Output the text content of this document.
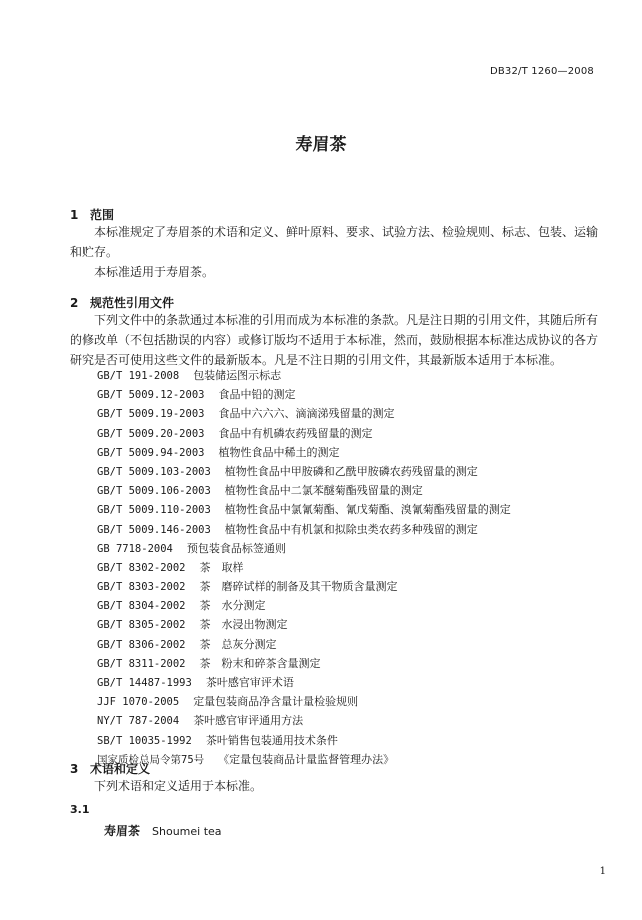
DB32/T 1260—2008
寿眉茶
1 范围

本标准规定了寿眉茶的术语和定义、鲜叶原料、要求、试验方法、检验规则、标志、包装、运输和贮存。

本标准适用于寿眉茶。

2 规范性引用文件

下列文件中的条款通过本标准的引用而成为本标准的条款。凡是注日期的引用文件，其随后所有的修改单（不包括勘误的内容）或修订版均不适用于本标准，然而，鼓励根据本标准达成协议的各方研究是否可使用这些文件的最新版本。凡是不注日期的引用文件，其最新版本适用于本标准。

GB/T 191-2008 包装储运图示标志
GB/T 5009.12-2003 食品中铅的测定
GB/T 5009.19-2003 食品中六六六、滴滴涕残留量的测定
GB/T 5009.20-2003 食品中有机磷农药残留量的测定
GB/T 5009.94-2003 植物性食品中稀土的测定
GB/T 5009.103-2003 植物性食品中甲胺磷和乙酰甲胺磷农药残留量的测定
GB/T 5009.106-2003 植物性食品中二氯苯醚菊酯残留量的测定
GB/T 5009.110-2003 植物性食品中氯氰菊酯、氰戊菊酯、溴氰菊酯残留量的测定
GB/T 5009.146-2003 植物性食品中有机氯和拟除虫类农药多种残留的测定
GB 7718-2004 预包装食品标签通则
GB/T 8302-2002 茶　取样
GB/T 8303-2002 茶　磨碎试样的制备及其干物质含量测定
GB/T 8304-2002 茶　水分测定
GB/T 8305-2002 茶　水浸出物测定
GB/T 8306-2002 茶　总灰分测定
GB/T 8311-2002 茶　粉末和碎茶含量测定
GB/T 14487-1993 茶叶感官审评术语
JJF 1070-2005 定量包装商品净含量计量检验规则
NY/T 787-2004 茶叶感官审评通用方法
SB/T 10035-1992 茶叶销售包装通用技术条件
国家质检总局令第75号 《定量包装商品计量监督管理办法》
3 术语和定义

下列术语和定义适用于本标准。

3.1
寿眉茶 Shoumei tea
1
